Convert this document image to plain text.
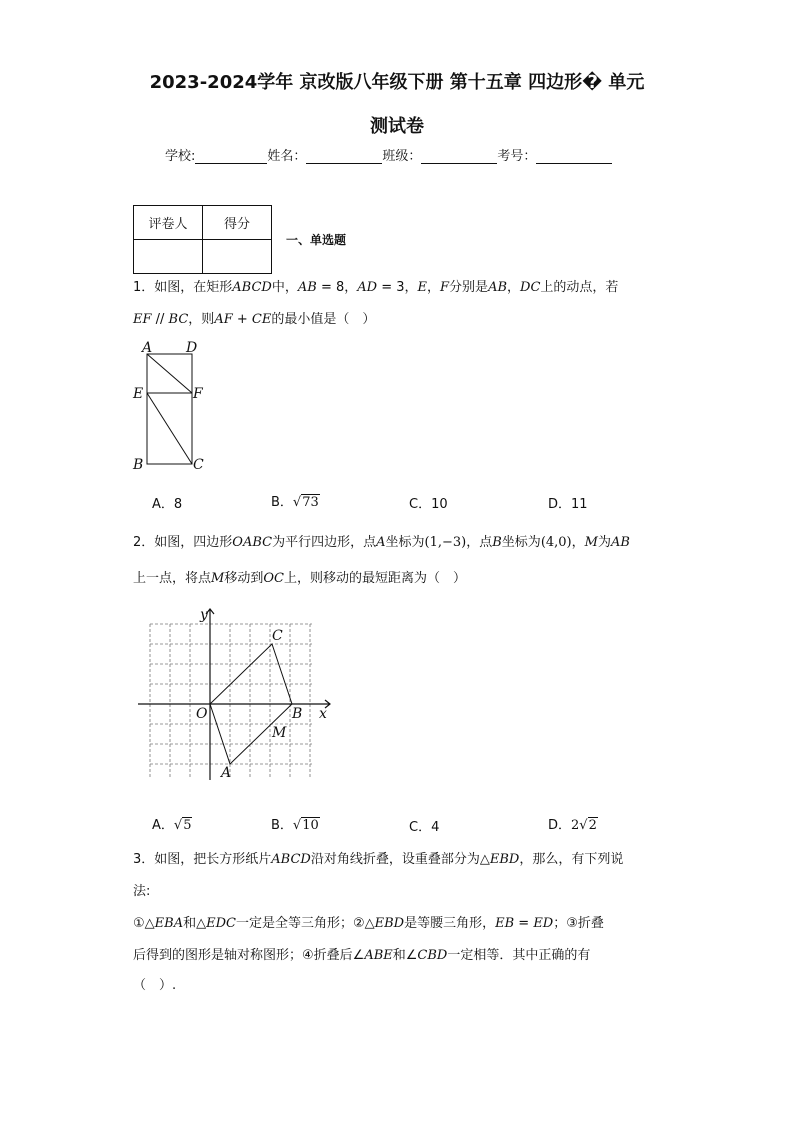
2023-2024学年 京改版八年级下册 第十五章 四边形� 单元
测试卷
学校:	姓名：	班级：	考号：
评卷人	得分

一、单选题
1．如图，在矩形ABCD中，AB = 8，AD = 3，E，F分别是AB，DC上的动点，若
EF // BC，则AF + CE的最小值是（　）
A D
E	F
B	C
A．8	B．√73	C．10	D．11
2．如图，四边形OABC为平行四边形，点A坐标为(1,−3)，点B坐标为(4,0)，M为AB
上一点，将点M移动到OC上，则移动的最短距离为（　）
y
x
O
A
B
C
M
A．√5	B．√10	C．4	D．2√2
3．如图，把长方形纸片ABCD沿对角线折叠，设重叠部分为△EBD，那么，有下列说
法:
①△EBA和△EDC一定是全等三角形；②△EBD是等腰三角形，EB = ED；③折叠
后得到的图形是轴对称图形；④折叠后∠ABE和∠CBD一定相等．其中正确的有
（　）.
